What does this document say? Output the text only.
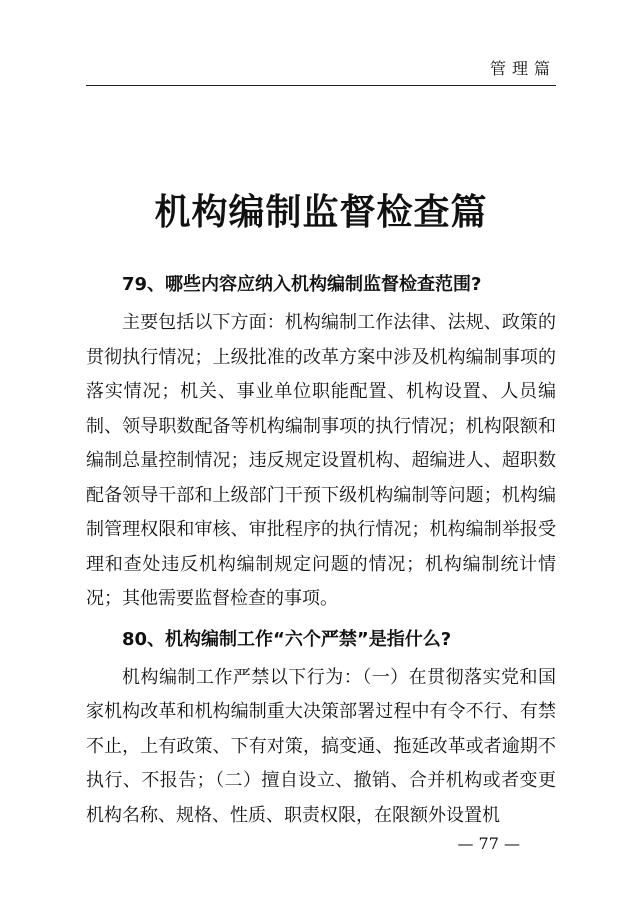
管理篇
机构编制监督检查篇

79、哪些内容应纳入机构编制监督检查范围?

主要包括以下方面：机构编制工作法律、法规、政策的贯彻执行情况；上级批准的改革方案中涉及机构编制事项的落实情况；机关、事业单位职能配置、机构设置、人员编制、领导职数配备等机构编制事项的执行情况；机构限额和编制总量控制情况；违反规定设置机构、超编进人、超职数配备领导干部和上级部门干预下级机构编制等问题；机构编制管理权限和审核、审批程序的执行情况；机构编制举报受理和查处违反机构编制规定问题的情况；机构编制统计情况；其他需要监督检查的事项。

80、机构编制工作“六个严禁”是指什么?

机构编制工作严禁以下行为：（一）在贯彻落实党和国家机构改革和机构编制重大决策部署过程中有令不行、有禁不止，上有政策、下有对策，搞变通、拖延改革或者逾期不执行、不报告；（二）擅自设立、撤销、合并机构或者变更机构名称、规格、性质、职责权限，在限额外设置机

— 77 —
